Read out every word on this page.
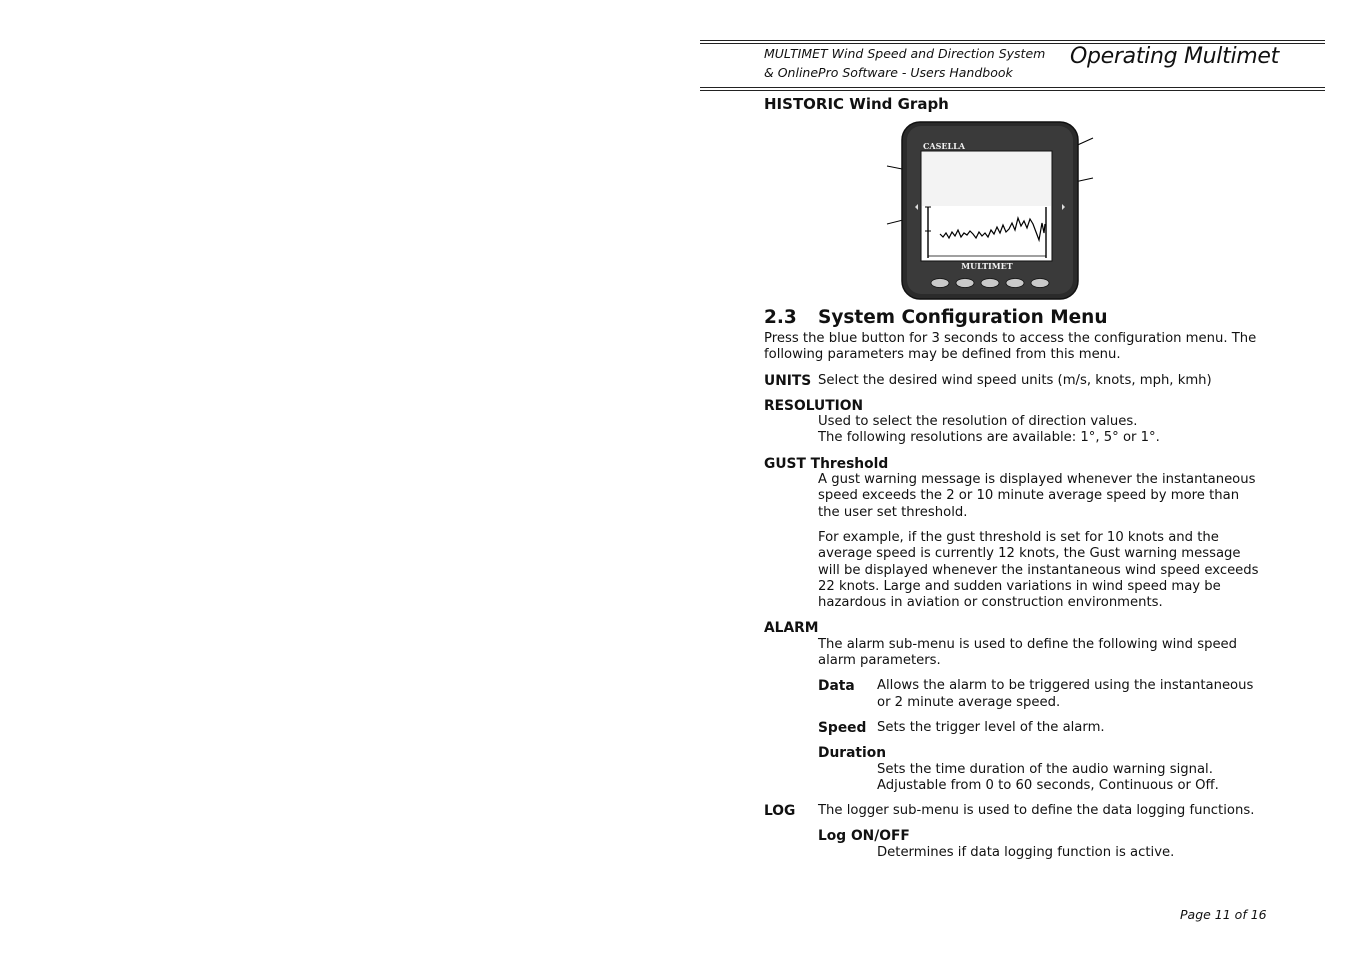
MULTIMET Wind Speed and Direction System
& OnlinePro Software - Users Handbook
Operating Multimet
HISTORIC Wind Graph
CASELLA
MULTIMET
2.3 System Configuration Menu

Press the blue button for 3 seconds to access the configuration menu. The following parameters may be defined from this menu.

UNITS Select the desired wind speed units (m/s, knots, mph, kmh)

RESOLUTION

Used to select the resolution of direction values.

The following resolutions are available: 1°, 5° or 1°.

GUST Threshold

A gust warning message is displayed whenever the instantaneous speed exceeds the 2 or 10 minute average speed by more than the user set threshold.

For example, if the gust threshold is set for 10 knots and the average speed is currently 12 knots, the Gust warning message will be displayed whenever the instantaneous wind speed exceeds 22 knots. Large and sudden variations in wind speed may be hazardous in aviation or construction environments.

ALARM

The alarm sub-menu is used to define the following wind speed alarm parameters.

Data	Allows the alarm to be triggered using the instantaneous or 2 minute average speed.
Speed Sets the trigger level of the alarm.

Duration

Sets the time duration of the audio warning signal.

Adjustable from 0 to 60 seconds, Continuous or Off.

LOG	The logger sub-menu is used to define the data logging functions.

Log ON/OFF

Determines if data logging function is active.

Page 11 of 16
